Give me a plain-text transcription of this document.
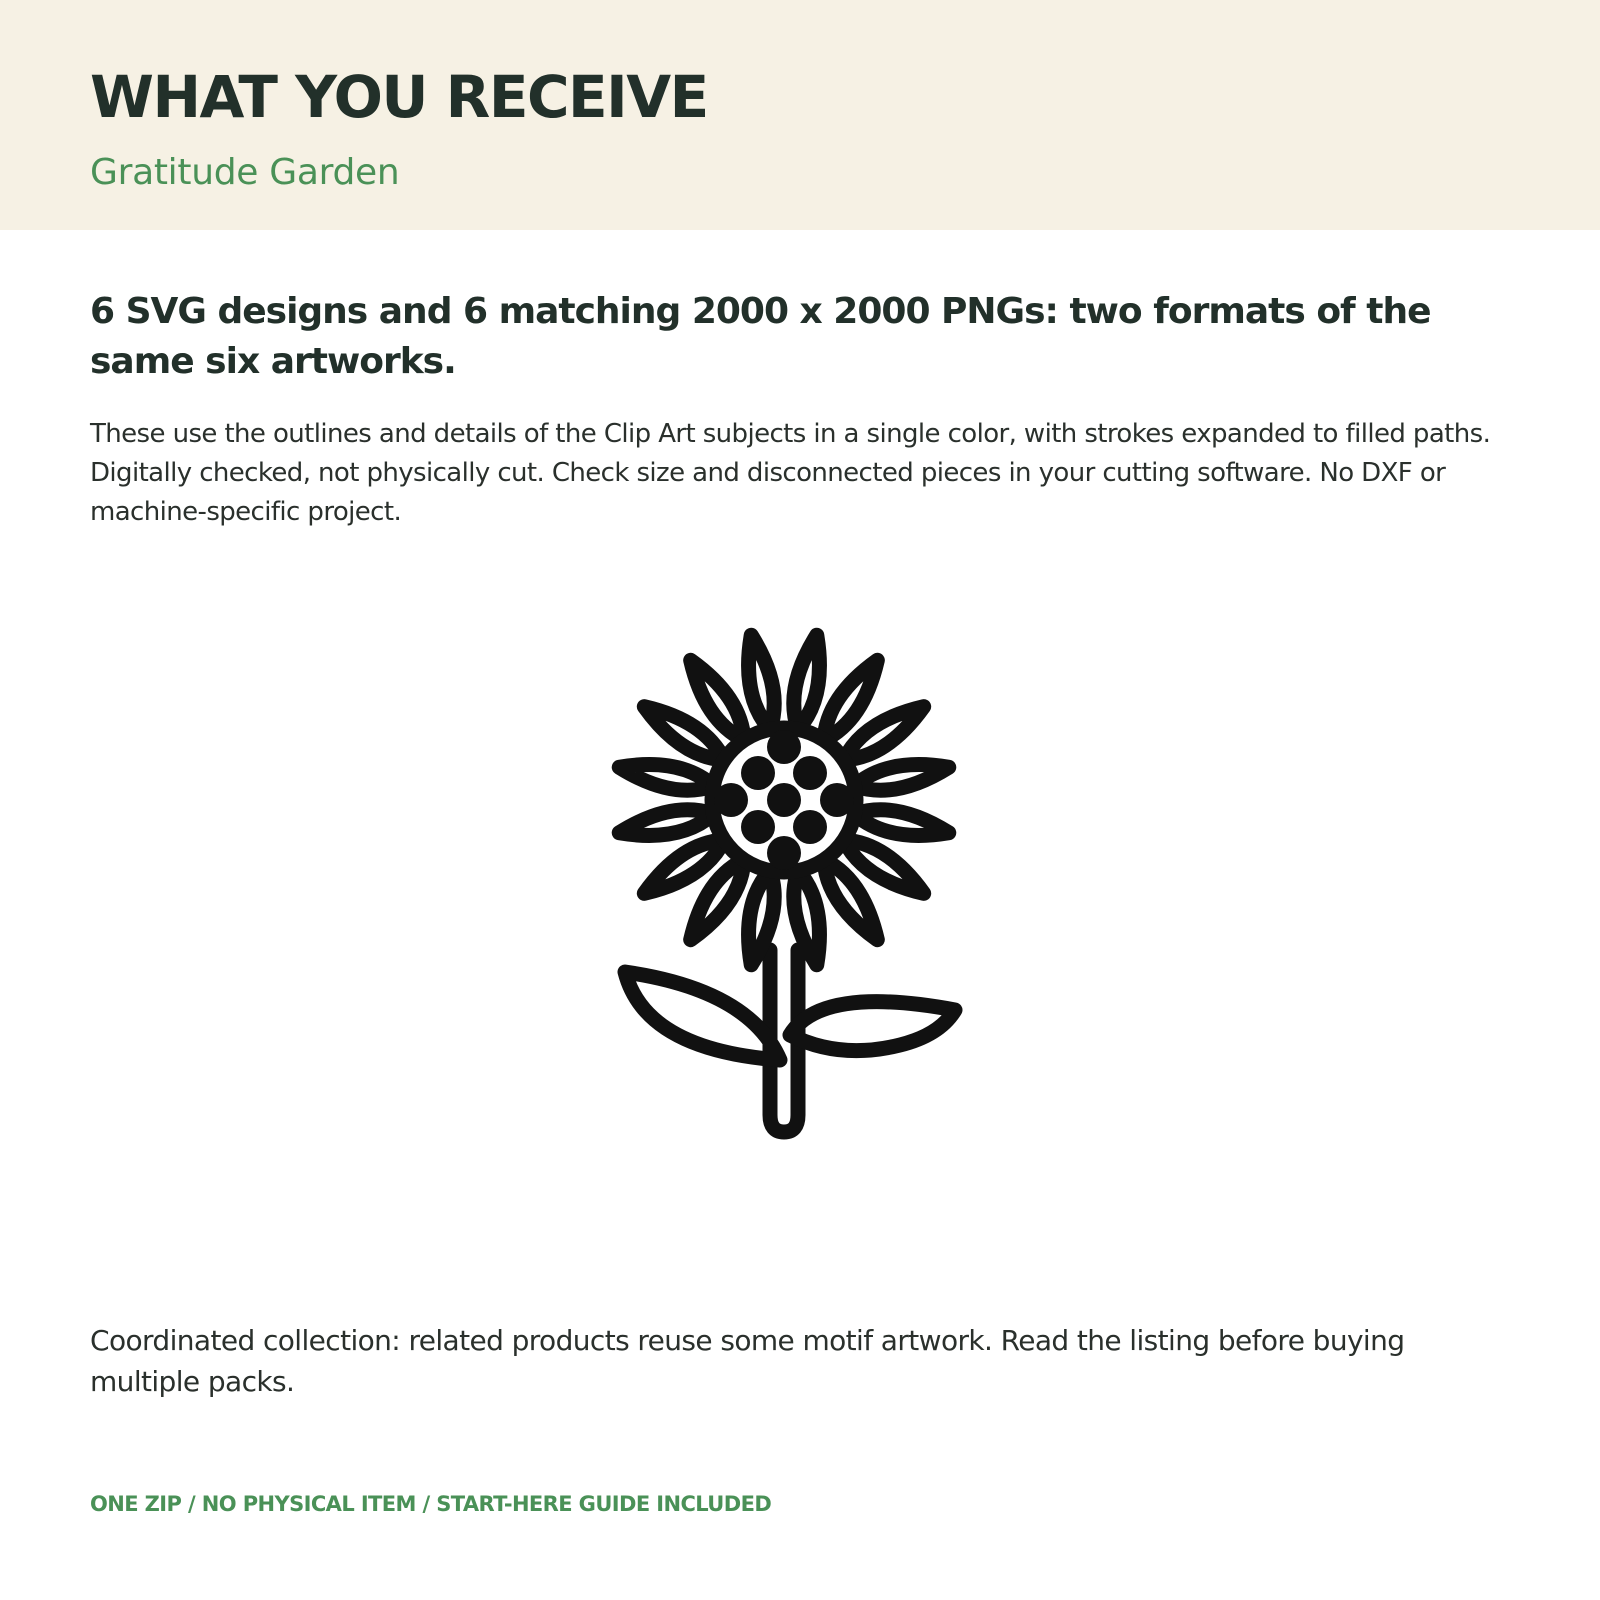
WHAT YOU RECEIVE
Gratitude Garden
6 SVG designs and 6 matching 2000 x 2000 PNGs: two formats of the same six artworks.

These use the outlines and details of the Clip Art subjects in a single color, with strokes expanded to filled paths. Digitally checked, not physically cut. Check size and disconnected pieces in your cutting software. No DXF or machine-specific project.

Coordinated collection: related products reuse some motif artwork. Read the listing before buying multiple packs.

ONE ZIP / NO PHYSICAL ITEM / START-HERE GUIDE INCLUDED
